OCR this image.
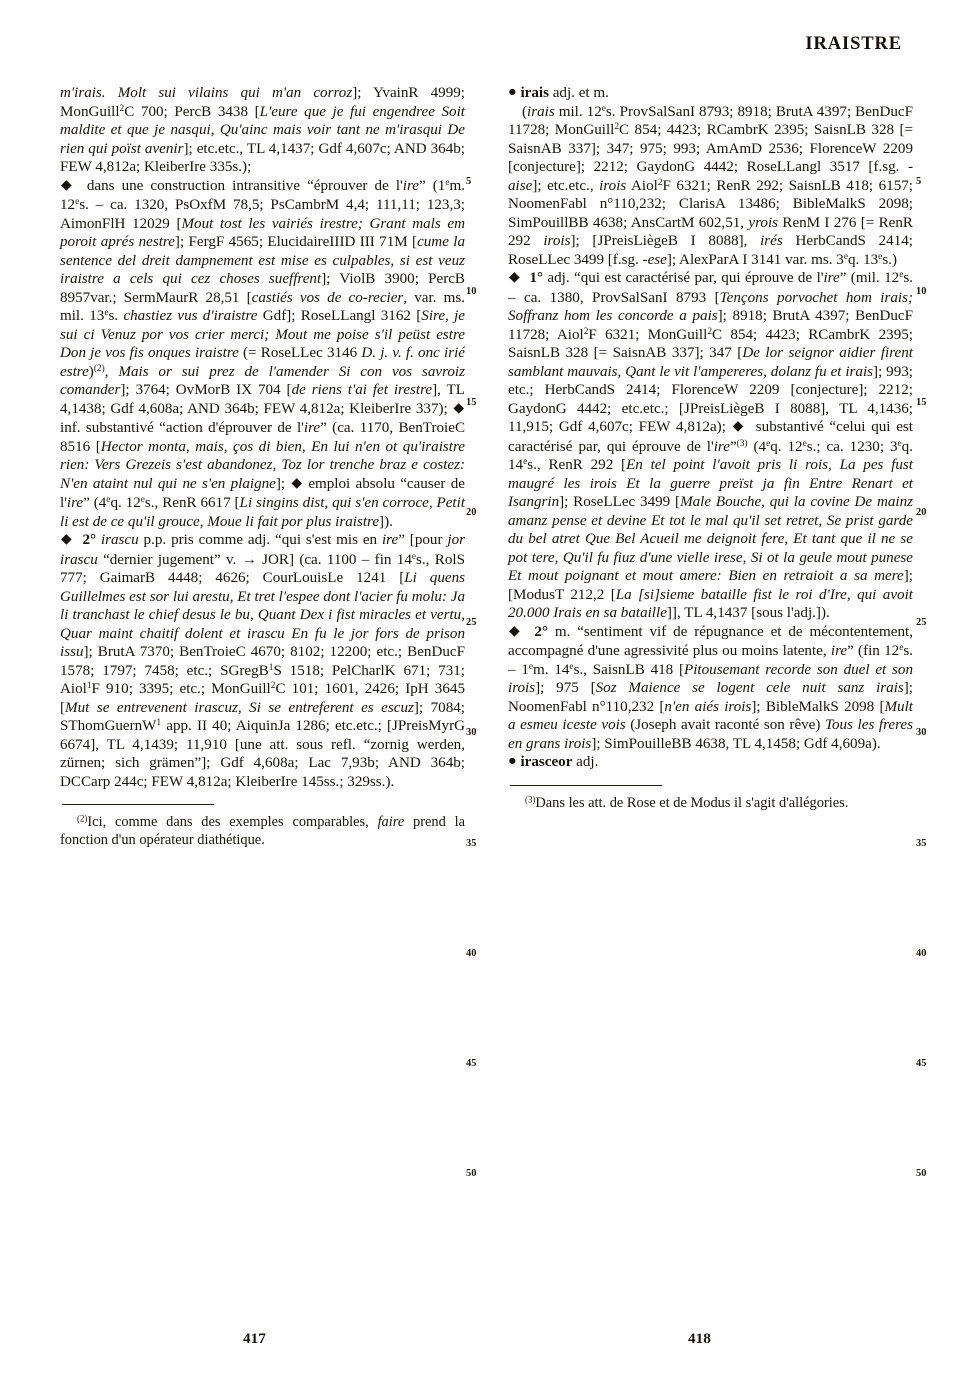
IRAISTRE

m'irais. Molt sui vilains qui m'an corroz]; YvainR 4999; MonGuill$^2$C 700; PercB 3438 [L'eure que je fui engendree Soit maldite et que je nasqui, Qu'ainc mais voir tant ne m'irasqui De rien qui poïst avenir]; etc.etc., TL 4,1437; Gdf 4,607c; AND 364b; FEW 4,812a; KleiberIre 335s.);

◆  dans une construction intransitive “éprouver de l'ire” (1em. 12es. – ca. 1320, PsOxfM 78,5; PsCambrM 4,4; 111,11; 123,3; AimonFlH 12029 [Mout tost les vairiés irestre; Grant mals em poroit aprés nestre]; FergF 4565; ElucidaireIIID III 71M [cume la sentence del dreit dampnement est mise es culpables, si est veuz iraistre a cels qui cez choses sueffrent]; ViolB 3900; PercB 8957var.; SermMaurR 28,51 [castiés vos de co-recier, var. ms. mil. 13es. chastiez vus d'iraistre Gdf]; RoseLLangl 3162 [Sire, je sui ci Venuz por vos crier merci; Mout me poise s'il peüst estre Don je vos fis onques iraistre (= RoseLLec 3146 D. j. v. f. onc irié estre)$^{(2)}$, Mais or sui prez de l'amender Si con vos savroiz comander]; 3764; OvMorB IX 704 [de riens t'ai fet irestre], TL 4,1438; Gdf 4,608a; AND 364b; FEW 4,812a; KleiberIre 337); ◆ inf. substantivé “action d'éprouver de l'ire” (ca. 1170, BenTroieC 8516 [Hector monta, mais, ços di bien, En lui n'en ot qu'iraistre rien: Vers Grezeis s'est abandonez, Toz lor trenche braz e costez: N'en ataint nul qui ne s'en plaigne]; ◆ emploi absolu “causer de l'ire” (4eq. 12es., RenR 6617 [Li singins dist, qui s'en corroce, Petit li est de ce qu'il grouce, Moue li fait por plus iraistre]).

◆ 2° irascu p.p. pris comme adj. “qui s'est mis en ire” [pour jor irascu “dernier jugement” v. → JOR] (ca. 1100 – fin 14es., RolS 777; GaimarB 4448; 4626; CourLouisLe 1241 [Li quens Guillelmes est sor lui arestu, Et tret l'espee dont l'acier fu molu: Ja li tranchast le chief desus le bu, Quant Dex i fist miracles et vertu, Quar maint chaitif dolent et irascu En fu le jor fors de prison issu]; BrutA 7370; BenTroieC 4670; 8102; 12200; etc.; BenDucF 1578; 1797; 7458; etc.; SGregB$^1$S 1518; PelCharlK 671; 731; Aiol$^1$F 910; 3395; etc.; MonGuill$^2$C 101; 1601, 2426; IpH 3645 [Mut se entrevenent irascuz, Si se entreferent es escuz]; 7084; SThomGuernW$^1$ app. II 40; AiquinJa 1286; etc.etc.; [JPreisMyrG 6674], TL 4,1439; 11,910 [une att. sous refl. “zornig werden, zürnen; sich grämen”]; Gdf 4,608a; Lac 7,93b; AND 364b; DCCarp 244c; FEW 4,812a; KleiberIre 145ss.; 329ss.).

$^{(2)}$Ici, comme dans des exemples comparables, faire prend la fonction d'un opérateur diathétique.

● irais adj. et m.

(irais mil. 12es. ProvSalSanI 8793; 8918; BrutA 4397; BenDucF 11728; MonGuill$^2$C 854; 4423; RCambrK 2395; SaisnLB 328 [= SaisnAB 337]; 347; 975; 993; AmAmD 2536; FlorenceW 2209 [conjecture]; 2212; GaydonG 4442; RoseLLangl 3517 [f.sg. -aise]; etc.etc., irois Aiol$^2$F 6321; RenR 292; SaisnLB 418; 6157; NoomenFabl n°110,232; ClarisA 13486; BibleMalkS 2098; SimPouillBB 4638; AnsCartM 602,51, yrois RenM I 276 [= RenR 292 irois]; [JPreisLiègeB I 8088], irés HerbCandS 2414; RoseLLec 3499 [f.sg. -ese]; AlexParA I 3141 var. ms. 3eq. 13es.)

◆ 1° adj. “qui est caractérisé par, qui éprouve de l'ire” (mil. 12es. – ca. 1380, ProvSalSanI 8793 [Tençons porvochet hom irais; Soffranz hom les concorde a pais]; 8918; BrutA 4397; BenDucF 11728; Aiol$^2$F 6321; MonGuill$^2$C 854; 4423; RCambrK 2395; SaisnLB 328 [= SaisnAB 337]; 347 [De lor seignor aidier firent samblant mauvais, Qant le vit l'ampereres, dolanz fu et irais]; 993; etc.; HerbCandS 2414; FlorenceW 2209 [conjecture]; 2212; GaydonG 4442; etc.etc.; [JPreisLiègeB I 8088], TL 4,1436; 11,915; Gdf 4,607c; FEW 4,812a); ◆  substantivé “celui qui est caractérisé par, qui éprouve de l'ire”$^{(3)}$ (4eq. 12es.; ca. 1230; 3eq. 14es., RenR 292 [En tel point l'avoit pris li rois, La pes fust maugré les irois Et la guerre preïst ja fin Entre Renart et Isangrin]; RoseLLec 3499 [Male Bouche, qui la covine De mainz amanz pense et devine Et tot le mal qu'il set retret, Se prist garde du bel atret Que Bel Acueil me deignoit fere, Et tant que il ne se pot tere, Qu'il fu fiuz d'une vielle irese, Si ot la geule mout punese Et mout poignant et mout amere: Bien en retraioit a sa mere]; [ModusT 212,2 [La [si]sieme bataille fist le roi d'Ire, qui avoit 20.000 Irais en sa bataille]], TL 4,1437 [sous l'adj.]).

◆ 2° m. “sentiment vif de répugnance et de mécontentement, accompagné d'une agressivité plus ou moins latente, ire” (fin 12es. – 1em. 14es., SaisnLB 418 [Pitousemant recorde son duel et son irois]; 975 [Soz Maience se logent cele nuit sanz irais]; NoomenFabl n°110,232 [n'en aiés irois]; BibleMalkS 2098 [Mult a esmeu iceste vois (Joseph avait raconté son rêve) Tous les freres en grans irois]; SimPouilleBB 4638, TL 4,1458; Gdf 4,609a).

● irasceor adj.

$^{(3)}$Dans les att. de Rose et de Modus il s'agit d'allégories.
5
10
15
20
25
30
35
40
45
50
5
10
15
20
25
30
35
40
45
50
417	418
